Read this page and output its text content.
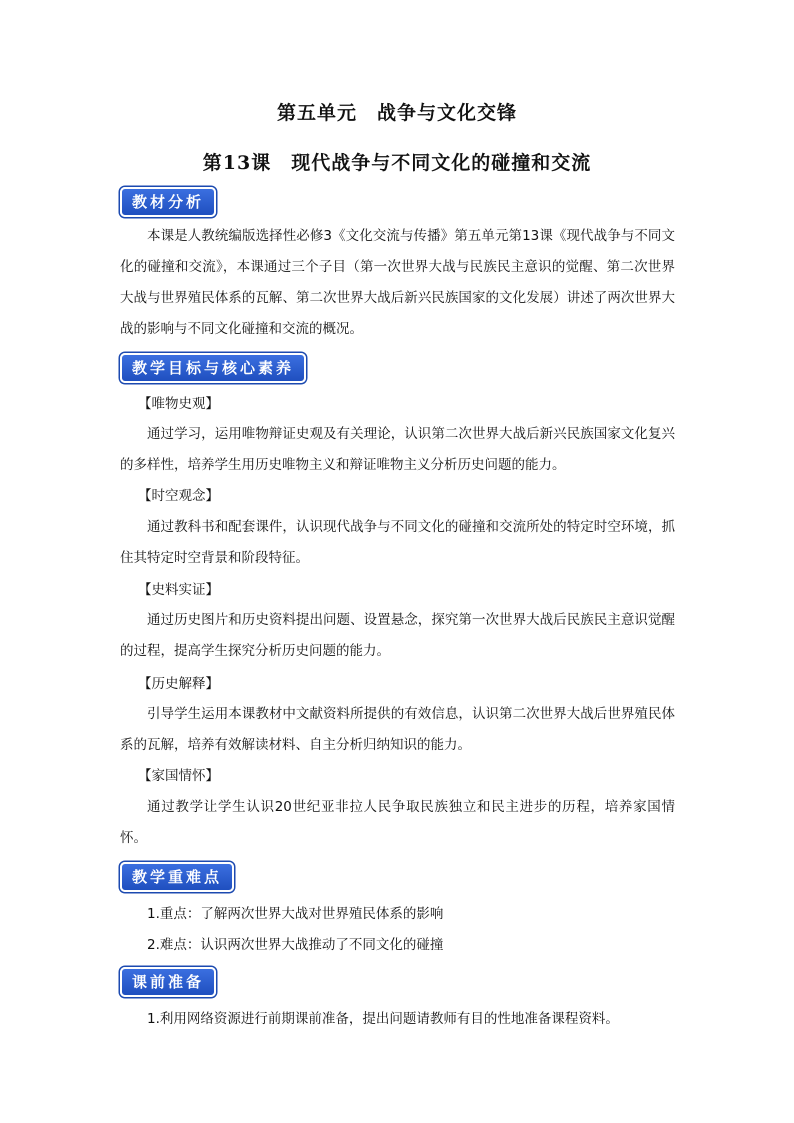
第五单元　战争与文化交锋
第13课　现代战争与不同文化的碰撞和交流
教材分析

本课是人教统编版选择性必修3《文化交流与传播》第五单元第13课《现代战争与不同文化的碰撞和交流》，本课通过三个子目（第一次世界大战与民族民主意识的觉醒、第二次世界大战与世界殖民体系的瓦解、第二次世界大战后新兴民族国家的文化发展）讲述了两次世界大战的影响与不同文化碰撞和交流的概况。

教学目标与核心素养

【唯物史观】

通过学习，运用唯物辩证史观及有关理论，认识第二次世界大战后新兴民族国家文化复兴的多样性，培养学生用历史唯物主义和辩证唯物主义分析历史问题的能力。

【时空观念】

通过教科书和配套课件，认识现代战争与不同文化的碰撞和交流所处的特定时空环境，抓住其特定时空背景和阶段特征。

【史料实证】

通过历史图片和历史资料提出问题、设置悬念，探究第一次世界大战后民族民主意识觉醒的过程，提高学生探究分析历史问题的能力。

【历史解释】

引导学生运用本课教材中文献资料所提供的有效信息，认识第二次世界大战后世界殖民体系的瓦解，培养有效解读材料、自主分析归纳知识的能力。

【家国情怀】

通过教学让学生认识20世纪亚非拉人民争取民族独立和民主进步的历程，培养家国情怀。

教学重难点

1.重点：了解两次世界大战对世界殖民体系的影响

2.难点：认识两次世界大战推动了不同文化的碰撞

课前准备

1.利用网络资源进行前期课前准备，提出问题请教师有目的性地准备课程资料。
